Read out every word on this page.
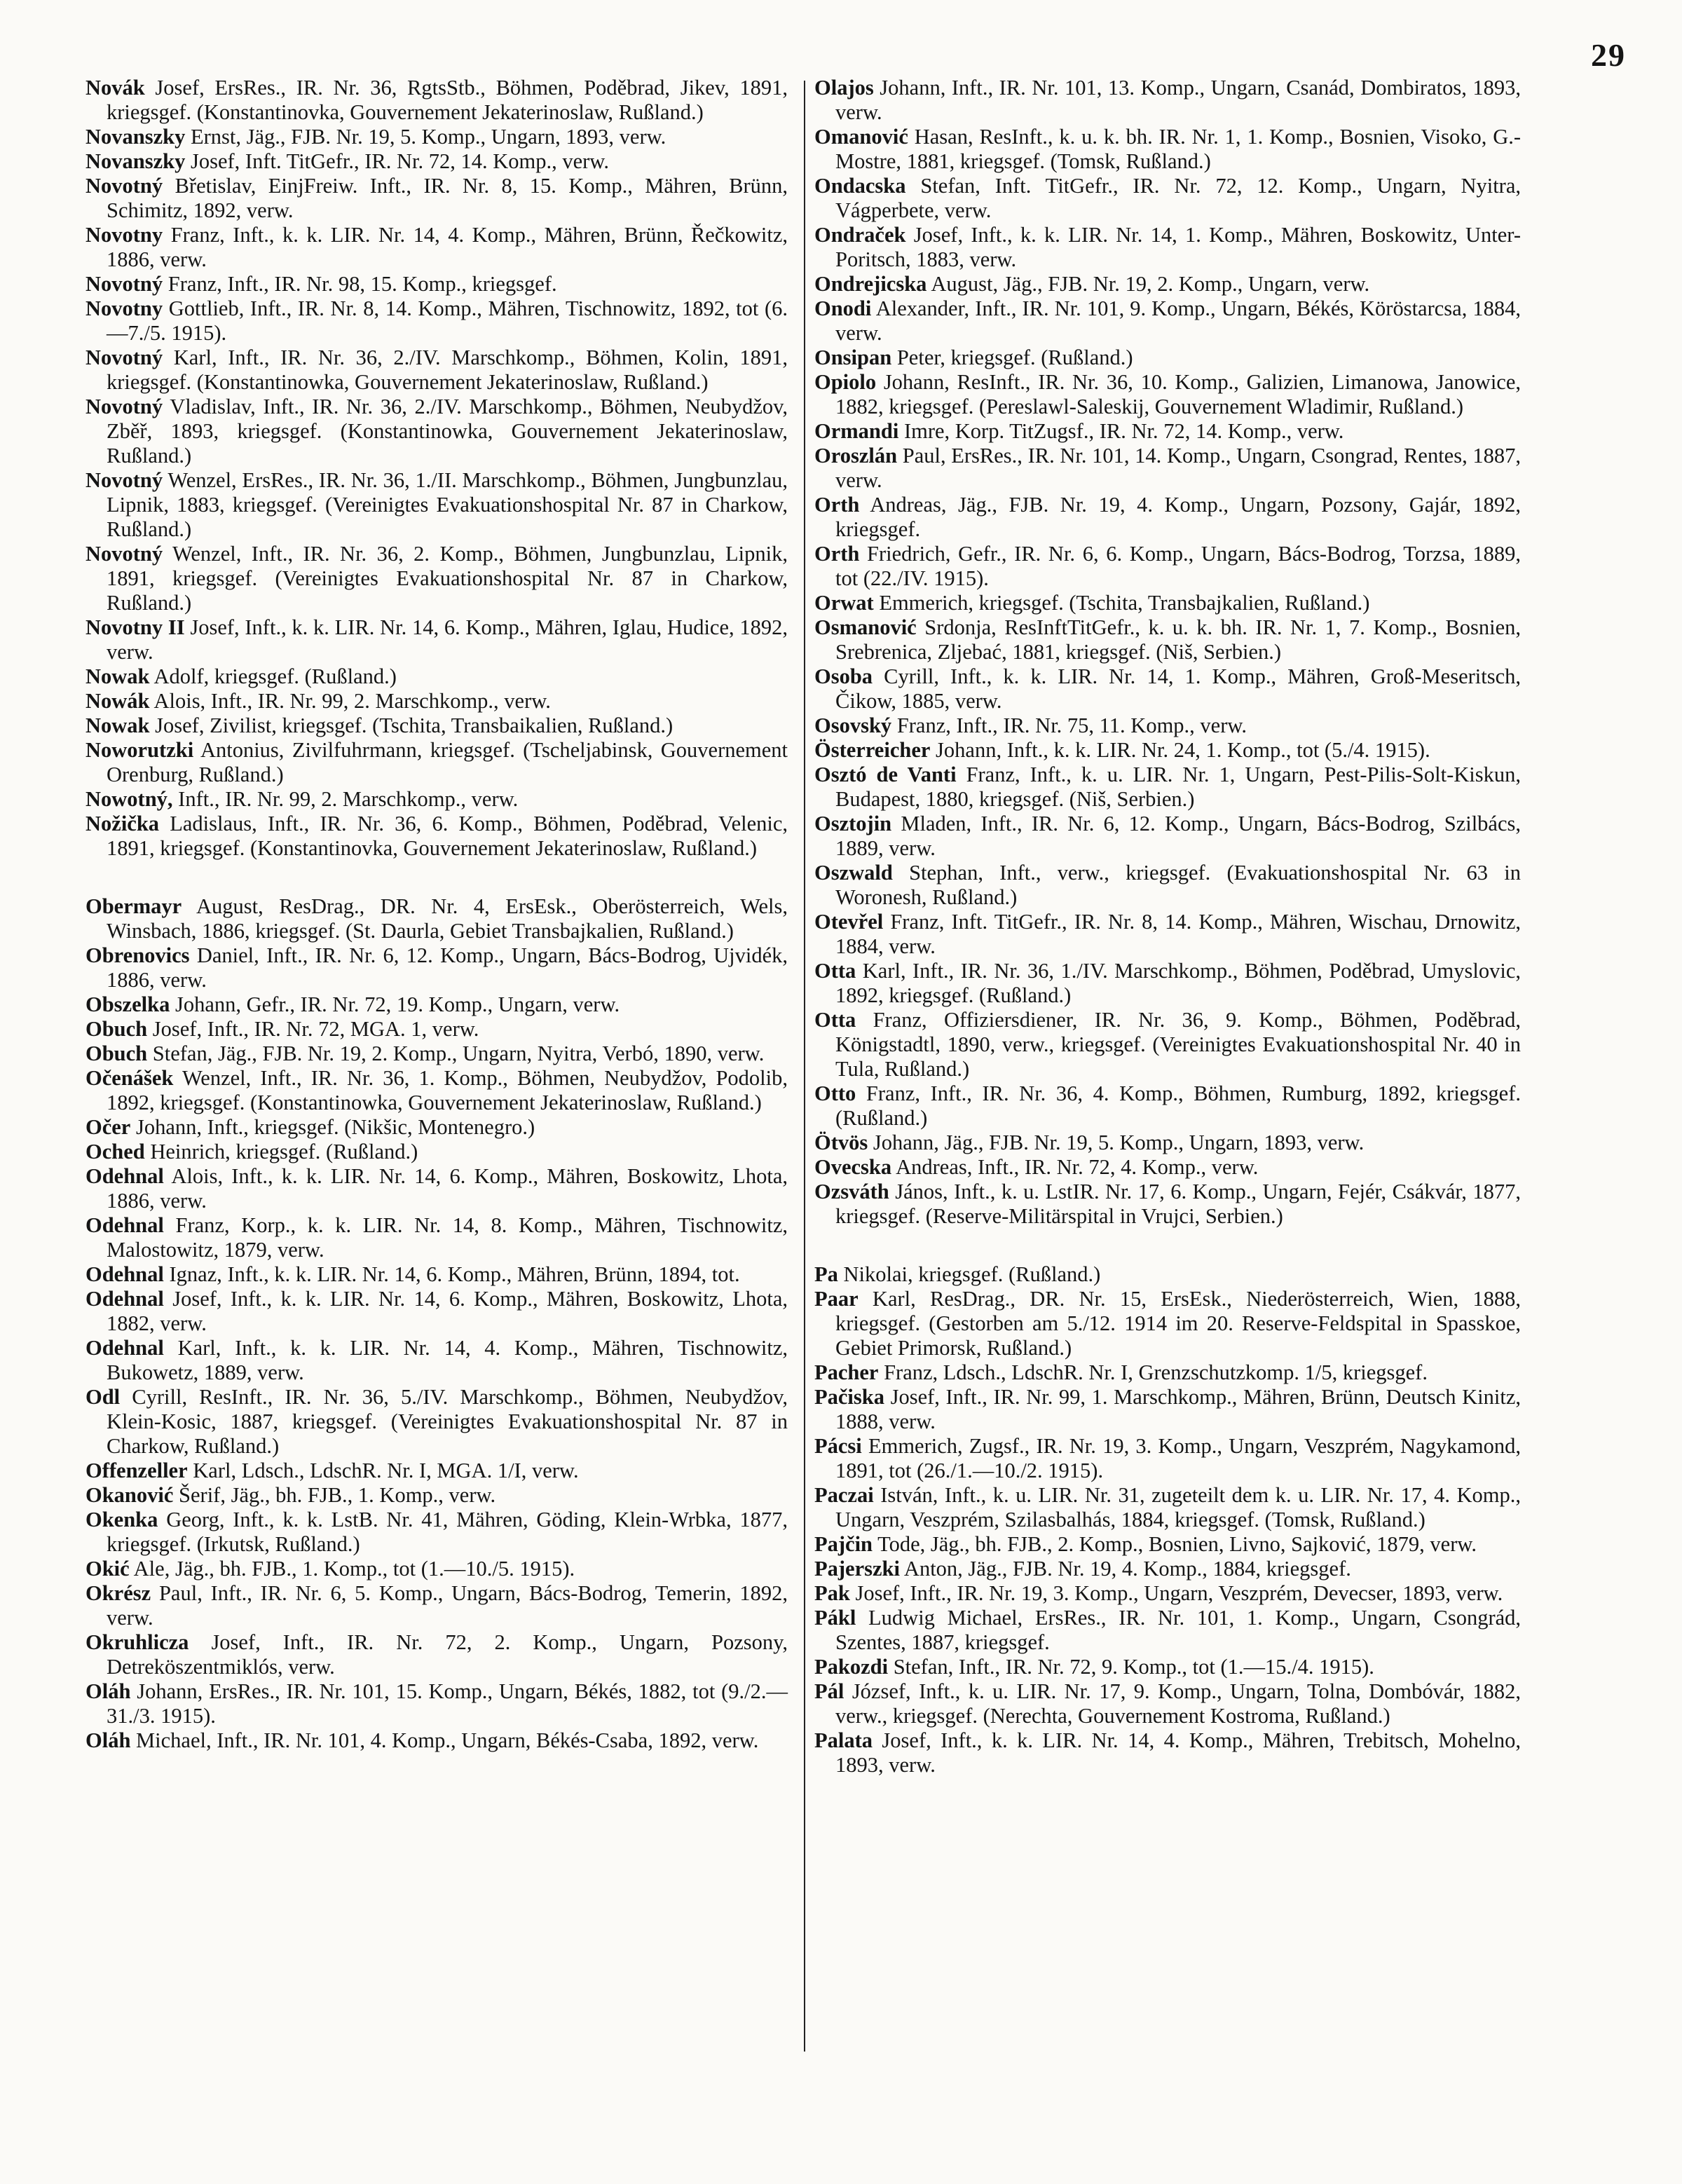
29

Novák Josef, ErsRes., IR. Nr. 36, RgtsStb., Böhmen, Poděbrad, Jikev, 1891, kriegsgef. (Konstantinovka, Gouvernement Jekaterinoslaw, Rußland.)

Novanszky Ernst, Jäg., FJB. Nr. 19, 5. Komp., Ungarn, 1893, verw.

Novanszky Josef, Inft. TitGefr., IR. Nr. 72, 14. Komp., verw.

Novotný Břetislav, EinjFreiw. Inft., IR. Nr. 8, 15. Komp., Mähren, Brünn, Schimitz, 1892, verw.

Novotny Franz, Inft., k. k. LIR. Nr. 14, 4. Komp., Mähren, Brünn, Řečkowitz, 1886, verw.

Novotný Franz, Inft., IR. Nr. 98, 15. Komp., kriegsgef.

Novotny Gottlieb, Inft., IR. Nr. 8, 14. Komp., Mähren, Tischnowitz, 1892, tot (6.—7./5. 1915).

Novotný Karl, Inft., IR. Nr. 36, 2./IV. Marschkomp., Böhmen, Kolin, 1891, kriegsgef. (Konstantinowka, Gouvernement Jekaterinoslaw, Rußland.)

Novotný Vladislav, Inft., IR. Nr. 36, 2./IV. Marschkomp., Böhmen, Neubydžov, Zběř, 1893, kriegsgef. (Konstantinowka, Gouvernement Jekaterinoslaw, Rußland.)

Novotný Wenzel, ErsRes., IR. Nr. 36, 1./II. Marschkomp., Böhmen, Jungbunzlau, Lipnik, 1883, kriegsgef. (Vereinigtes Evakuationshospital Nr. 87 in Charkow, Rußland.)

Novotný Wenzel, Inft., IR. Nr. 36, 2. Komp., Böhmen, Jungbunzlau, Lipnik, 1891, kriegsgef. (Vereinigtes Evakuationshospital Nr. 87 in Charkow, Rußland.)

Novotny II Josef, Inft., k. k. LIR. Nr. 14, 6. Komp., Mähren, Iglau, Hudice, 1892, verw.

Nowak Adolf, kriegsgef. (Rußland.)

Nowák Alois, Inft., IR. Nr. 99, 2. Marschkomp., verw.

Nowak Josef, Zivilist, kriegsgef. (Tschita, Transbaikalien, Rußland.)

Noworutzki Antonius, Zivilfuhrmann, kriegsgef. (Tscheljabinsk, Gouvernement Orenburg, Rußland.)

Nowotný, Inft., IR. Nr. 99, 2. Marschkomp., verw.

Nožička Ladislaus, Inft., IR. Nr. 36, 6. Komp., Böhmen, Poděbrad, Velenic, 1891, kriegsgef. (Konstantinovka, Gouvernement Jekaterinoslaw, Rußland.)

Obermayr August, ResDrag., DR. Nr. 4, ErsEsk., Oberösterreich, Wels, Winsbach, 1886, kriegsgef. (St. Daurla, Gebiet Transbajkalien, Rußland.)

Obrenovics Daniel, Inft., IR. Nr. 6, 12. Komp., Ungarn, Bács-Bodrog, Ujvidék, 1886, verw.

Obszelka Johann, Gefr., IR. Nr. 72, 19. Komp., Ungarn, verw.

Obuch Josef, Inft., IR. Nr. 72, MGA. 1, verw.

Obuch Stefan, Jäg., FJB. Nr. 19, 2. Komp., Ungarn, Nyitra, Verbó, 1890, verw.

Očenášek Wenzel, Inft., IR. Nr. 36, 1. Komp., Böhmen, Neubydžov, Podolib, 1892, kriegsgef. (Konstantinowka, Gouvernement Jekaterinoslaw, Rußland.)

Očer Johann, Inft., kriegsgef. (Nikšic, Montenegro.)

Oched Heinrich, kriegsgef. (Rußland.)

Odehnal Alois, Inft., k. k. LIR. Nr. 14, 6. Komp., Mähren, Boskowitz, Lhota, 1886, verw.

Odehnal Franz, Korp., k. k. LIR. Nr. 14, 8. Komp., Mähren, Tischnowitz, Malostowitz, 1879, verw.

Odehnal Ignaz, Inft., k. k. LIR. Nr. 14, 6. Komp., Mähren, Brünn, 1894, tot.

Odehnal Josef, Inft., k. k. LIR. Nr. 14, 6. Komp., Mähren, Boskowitz, Lhota, 1882, verw.

Odehnal Karl, Inft., k. k. LIR. Nr. 14, 4. Komp., Mähren, Tischnowitz, Bukowetz, 1889, verw.

Odl Cyrill, ResInft., IR. Nr. 36, 5./IV. Marschkomp., Böhmen, Neubydžov, Klein-Kosic, 1887, kriegsgef. (Vereinigtes Evakuationshospital Nr. 87 in Charkow, Rußland.)

Offenzeller Karl, Ldsch., LdschR. Nr. I, MGA. 1/I, verw.

Okanović Šerif, Jäg., bh. FJB., 1. Komp., verw.

Okenka Georg, Inft., k. k. LstB. Nr. 41, Mähren, Göding, Klein-Wrbka, 1877, kriegsgef. (Irkutsk, Rußland.)

Okić Ale, Jäg., bh. FJB., 1. Komp., tot (1.—10./5. 1915).

Okrész Paul, Inft., IR. Nr. 6, 5. Komp., Ungarn, Bács-Bodrog, Temerin, 1892, verw.

Okruhlicza Josef, Inft., IR. Nr. 72, 2. Komp., Ungarn, Pozsony, Detreköszentmiklós, verw.

Oláh Johann, ErsRes., IR. Nr. 101, 15. Komp., Ungarn, Békés, 1882, tot (9./2.—31./3. 1915).

Oláh Michael, Inft., IR. Nr. 101, 4. Komp., Ungarn, Békés-Csaba, 1892, verw.

Olajos Johann, Inft., IR. Nr. 101, 13. Komp., Ungarn, Csanád, Dombiratos, 1893, verw.

Omanović Hasan, ResInft., k. u. k. bh. IR. Nr. 1, 1. Komp., Bosnien, Visoko, G.-Mostre, 1881, kriegsgef. (Tomsk, Rußland.)

Ondacska Stefan, Inft. TitGefr., IR. Nr. 72, 12. Komp., Ungarn, Nyitra, Vágperbete, verw.

Ondraček Josef, Inft., k. k. LIR. Nr. 14, 1. Komp., Mähren, Boskowitz, Unter-Poritsch, 1883, verw.

Ondrejicska August, Jäg., FJB. Nr. 19, 2. Komp., Ungarn, verw.

Onodi Alexander, Inft., IR. Nr. 101, 9. Komp., Ungarn, Békés, Köröstarcsa, 1884, verw.

Onsipan Peter, kriegsgef. (Rußland.)

Opiolo Johann, ResInft., IR. Nr. 36, 10. Komp., Galizien, Limanowa, Janowice, 1882, kriegsgef. (Pereslawl-Saleskij, Gouvernement Wladimir, Rußland.)

Ormandi Imre, Korp. TitZugsf., IR. Nr. 72, 14. Komp., verw.

Oroszlán Paul, ErsRes., IR. Nr. 101, 14. Komp., Ungarn, Csongrad, Rentes, 1887, verw.

Orth Andreas, Jäg., FJB. Nr. 19, 4. Komp., Ungarn, Pozsony, Gajár, 1892, kriegsgef.

Orth Friedrich, Gefr., IR. Nr. 6, 6. Komp., Ungarn, Bács-Bodrog, Torzsa, 1889, tot (22./IV. 1915).

Orwat Emmerich, kriegsgef. (Tschita, Transbajkalien, Rußland.)

Osmanović Srdonja, ResInftTitGefr., k. u. k. bh. IR. Nr. 1, 7. Komp., Bosnien, Srebrenica, Zljebać, 1881, kriegsgef. (Niš, Serbien.)

Osoba Cyrill, Inft., k. k. LIR. Nr. 14, 1. Komp., Mähren, Groß-Meseritsch, Čikow, 1885, verw.

Osovský Franz, Inft., IR. Nr. 75, 11. Komp., verw.

Österreicher Johann, Inft., k. k. LIR. Nr. 24, 1. Komp., tot (5./4. 1915).

Osztó de Vanti Franz, Inft., k. u. LIR. Nr. 1, Ungarn, Pest-Pilis-Solt-Kiskun, Budapest, 1880, kriegsgef. (Niš, Serbien.)

Osztojin Mladen, Inft., IR. Nr. 6, 12. Komp., Ungarn, Bács-Bodrog, Szilbács, 1889, verw.

Oszwald Stephan, Inft., verw., kriegsgef. (Evakuationshospital Nr. 63 in Woronesh, Rußland.)

Otevřel Franz, Inft. TitGefr., IR. Nr. 8, 14. Komp., Mähren, Wischau, Drnowitz, 1884, verw.

Otta Karl, Inft., IR. Nr. 36, 1./IV. Marschkomp., Böhmen, Poděbrad, Umyslovic, 1892, kriegsgef. (Rußland.)

Otta Franz, Offiziersdiener, IR. Nr. 36, 9. Komp., Böhmen, Poděbrad, Königstadtl, 1890, verw., kriegsgef. (Vereinigtes Evakuationshospital Nr. 40 in Tula, Rußland.)

Otto Franz, Inft., IR. Nr. 36, 4. Komp., Böhmen, Rumburg, 1892, kriegsgef. (Rußland.)

Ötvös Johann, Jäg., FJB. Nr. 19, 5. Komp., Ungarn, 1893, verw.

Ovecska Andreas, Inft., IR. Nr. 72, 4. Komp., verw.

Ozsváth János, Inft., k. u. LstIR. Nr. 17, 6. Komp., Ungarn, Fejér, Csákvár, 1877, kriegsgef. (Reserve-Militärspital in Vrujci, Serbien.)

Pa Nikolai, kriegsgef. (Rußland.)

Paar Karl, ResDrag., DR. Nr. 15, ErsEsk., Niederösterreich, Wien, 1888, kriegsgef. (Gestorben am 5./12. 1914 im 20. Reserve-Feldspital in Spasskoe, Gebiet Primorsk, Rußland.)

Pacher Franz, Ldsch., LdschR. Nr. I, Grenzschutzkomp. 1/5, kriegsgef.

Pačiska Josef, Inft., IR. Nr. 99, 1. Marschkomp., Mähren, Brünn, Deutsch Kinitz, 1888, verw.

Pácsi Emmerich, Zugsf., IR. Nr. 19, 3. Komp., Ungarn, Veszprém, Nagykamond, 1891, tot (26./1.—10./2. 1915).

Paczai István, Inft., k. u. LIR. Nr. 31, zugeteilt dem k. u. LIR. Nr. 17, 4. Komp., Ungarn, Veszprém, Szilasbalhás, 1884, kriegsgef. (Tomsk, Rußland.)

Pajčin Tode, Jäg., bh. FJB., 2. Komp., Bosnien, Livno, Sajković, 1879, verw.

Pajerszki Anton, Jäg., FJB. Nr. 19, 4. Komp., 1884, kriegsgef.

Pak Josef, Inft., IR. Nr. 19, 3. Komp., Ungarn, Veszprém, Devecser, 1893, verw.

Pákl Ludwig Michael, ErsRes., IR. Nr. 101, 1. Komp., Ungarn, Csongrád, Szentes, 1887, kriegsgef.

Pakozdi Stefan, Inft., IR. Nr. 72, 9. Komp., tot (1.—15./4. 1915).

Pál József, Inft., k. u. LIR. Nr. 17, 9. Komp., Ungarn, Tolna, Dombóvár, 1882, verw., kriegsgef. (Nerechta, Gouvernement Kostroma, Rußland.)

Palata Josef, Inft., k. k. LIR. Nr. 14, 4. Komp., Mähren, Trebitsch, Mohelno, 1893, verw.
